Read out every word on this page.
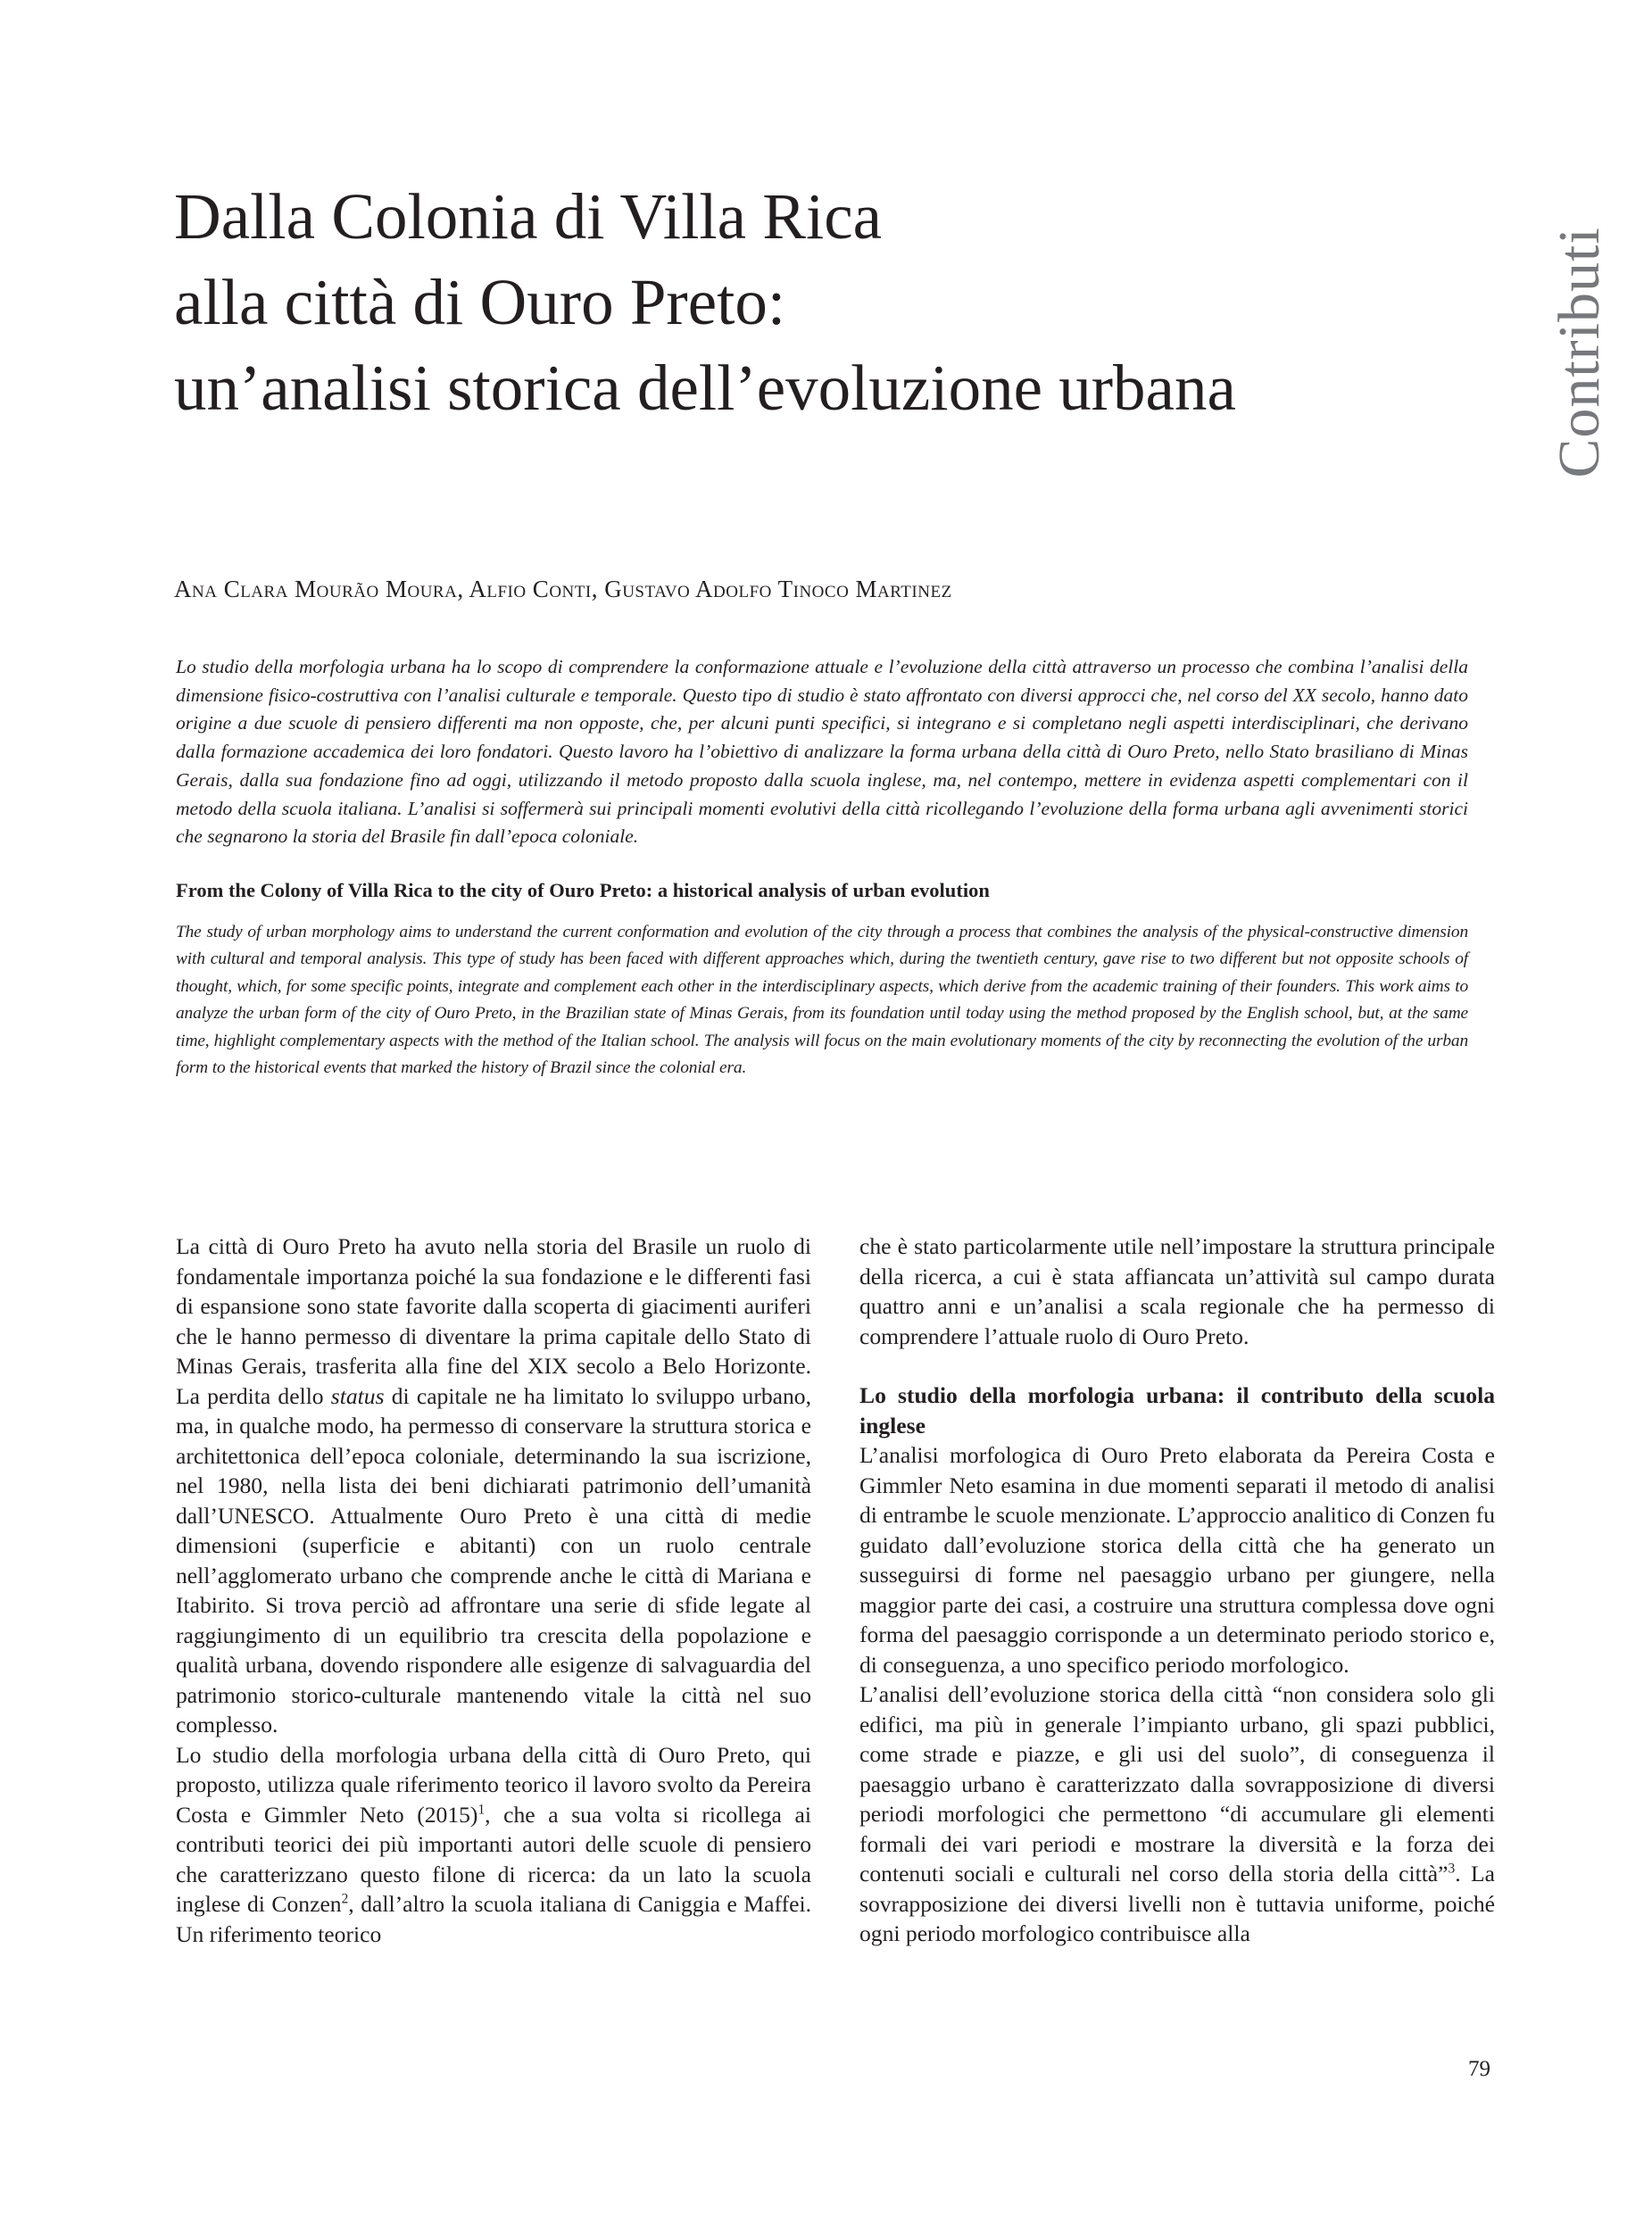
Dalla Colonia di Villa Rica
alla città di Ouro Preto:
un’analisi storica dell’evoluzione urbana	Contributi
Ana Clara Mourão Moura, Alfio Conti, Gustavo Adolfo Tinoco Martinez

Lo studio della morfologia urbana ha lo scopo di comprendere la conformazione attuale e l’evoluzione della città attraverso un processo che combina l’analisi della dimensione fisico-costruttiva con l’analisi culturale e temporale. Questo tipo di studio è stato affrontato con diversi approcci che, nel corso del XX secolo, hanno dato origine a due scuole di pensiero differenti ma non opposte, che, per alcuni punti specifici, si integrano e si completano negli aspetti interdisciplinari, che derivano dalla formazione accademica dei loro fondatori. Questo lavoro ha l’obiettivo di analizzare la forma urbana della città di Ouro Preto, nello Stato brasiliano di Minas Gerais, dalla sua fondazione fino ad oggi, utilizzando il metodo proposto dalla scuola inglese, ma, nel contempo, mettere in evidenza aspetti complementari con il metodo della scuola italiana. L’analisi si soffermerà sui principali momenti evolutivi della città ricollegando l’evoluzione della forma urbana agli avvenimenti storici che segnarono la storia del Brasile fin dall’epoca coloniale.

From the Colony of Villa Rica to the city of Ouro Preto: a historical analysis of urban evolution

The study of urban morphology aims to understand the current conformation and evolution of the city through a process that combines the analysis of the physical-constructive dimension with cultural and temporal analysis. This type of study has been faced with different approaches which, during the twentieth century, gave rise to two different but not opposite schools of thought, which, for some specific points, integrate and complement each other in the interdisciplinary aspects, which derive from the academic training of their founders. This work aims to analyze the urban form of the city of Ouro Preto, in the Brazilian state of Minas Gerais, from its foundation until today using the method proposed by the English school, but, at the same time, highlight complementary aspects with the method of the Italian school. The analysis will focus on the main evolutionary moments of the city by reconnecting the evolution of the urban form to the historical events that marked the history of Brazil since the colonial era.

La città di Ouro Preto ha avuto nella storia del Brasile un ruolo di fondamentale importanza poiché la sua fondazione e le differenti fasi di espansione sono state favorite dalla scoperta di giacimenti auriferi che le hanno permesso di diventare la prima capitale dello Stato di Minas Gerais, trasferita alla fine del XIX secolo a Belo Horizonte. La perdita dello status di capitale ne ha limitato lo sviluppo urbano, ma, in qualche modo, ha permesso di conservare la struttura storica e architettonica dell’epoca coloniale, determinando la sua iscrizione, nel 1980, nella lista dei beni dichiarati patrimonio dell’umanità dall’UNESCO. Attualmente Ouro Preto è una città di medie dimensioni (superficie e abitanti) con un ruolo centrale nell’agglomerato urbano che comprende anche le città di Mariana e Itabirito. Si trova perciò ad affrontare una serie di sfide legate al raggiungimento di un equilibrio tra crescita della popolazione e qualità urbana, dovendo rispondere alle esigenze di salvaguardia del patrimonio storico-culturale mantenendo vitale la città nel suo complesso.

Lo studio della morfologia urbana della città di Ouro Preto, qui proposto, utilizza quale riferimento teorico il lavoro svolto da Pereira Costa e Gimmler Neto $(2015)^1$, che a sua volta si ricollega ai contributi teorici dei più importanti autori delle scuole di pensiero che caratterizzano questo filone di ricerca: da un lato la scuola inglese di Conzen$^2$, dall’altro la scuola italiana di Caniggia e Maffei. Un riferimento teorico

che è stato particolarmente utile nell’impostare la struttura principale della ricerca, a cui è stata affiancata un’attività sul campo durata quattro anni e un’analisi a scala regionale che ha permesso di comprendere l’attuale ruolo di Ouro Preto.

Lo studio della morfologia urbana: il contributo della scuola inglese

L’analisi morfologica di Ouro Preto elaborata da Pereira Costa e Gimmler Neto esamina in due momenti separati il metodo di analisi di entrambe le scuole menzionate. L’approccio analitico di Conzen fu guidato dall’evoluzione storica della città che ha generato un susseguirsi di forme nel paesaggio urbano per giungere, nella maggior parte dei casi, a costruire una struttura complessa dove ogni forma del paesaggio corrisponde a un determinato periodo storico e, di conseguenza, a uno specifico periodo morfologico.

L’analisi dell’evoluzione storica della città “non considera solo gli edifici, ma più in generale l’impianto urbano, gli spazi pubblici, come strade e piazze, e gli usi del suolo”, di conseguenza il paesaggio urbano è caratterizzato dalla sovrapposizione di diversi periodi morfologici che permettono “di accumulare gli elementi formali dei vari periodi e mostrare la diversità e la forza dei contenuti sociali e culturali nel corso della storia della città”$^3$. La sovrapposizione dei diversi livelli non è tuttavia uniforme, poiché ogni periodo morfologico contribuisce alla

79
